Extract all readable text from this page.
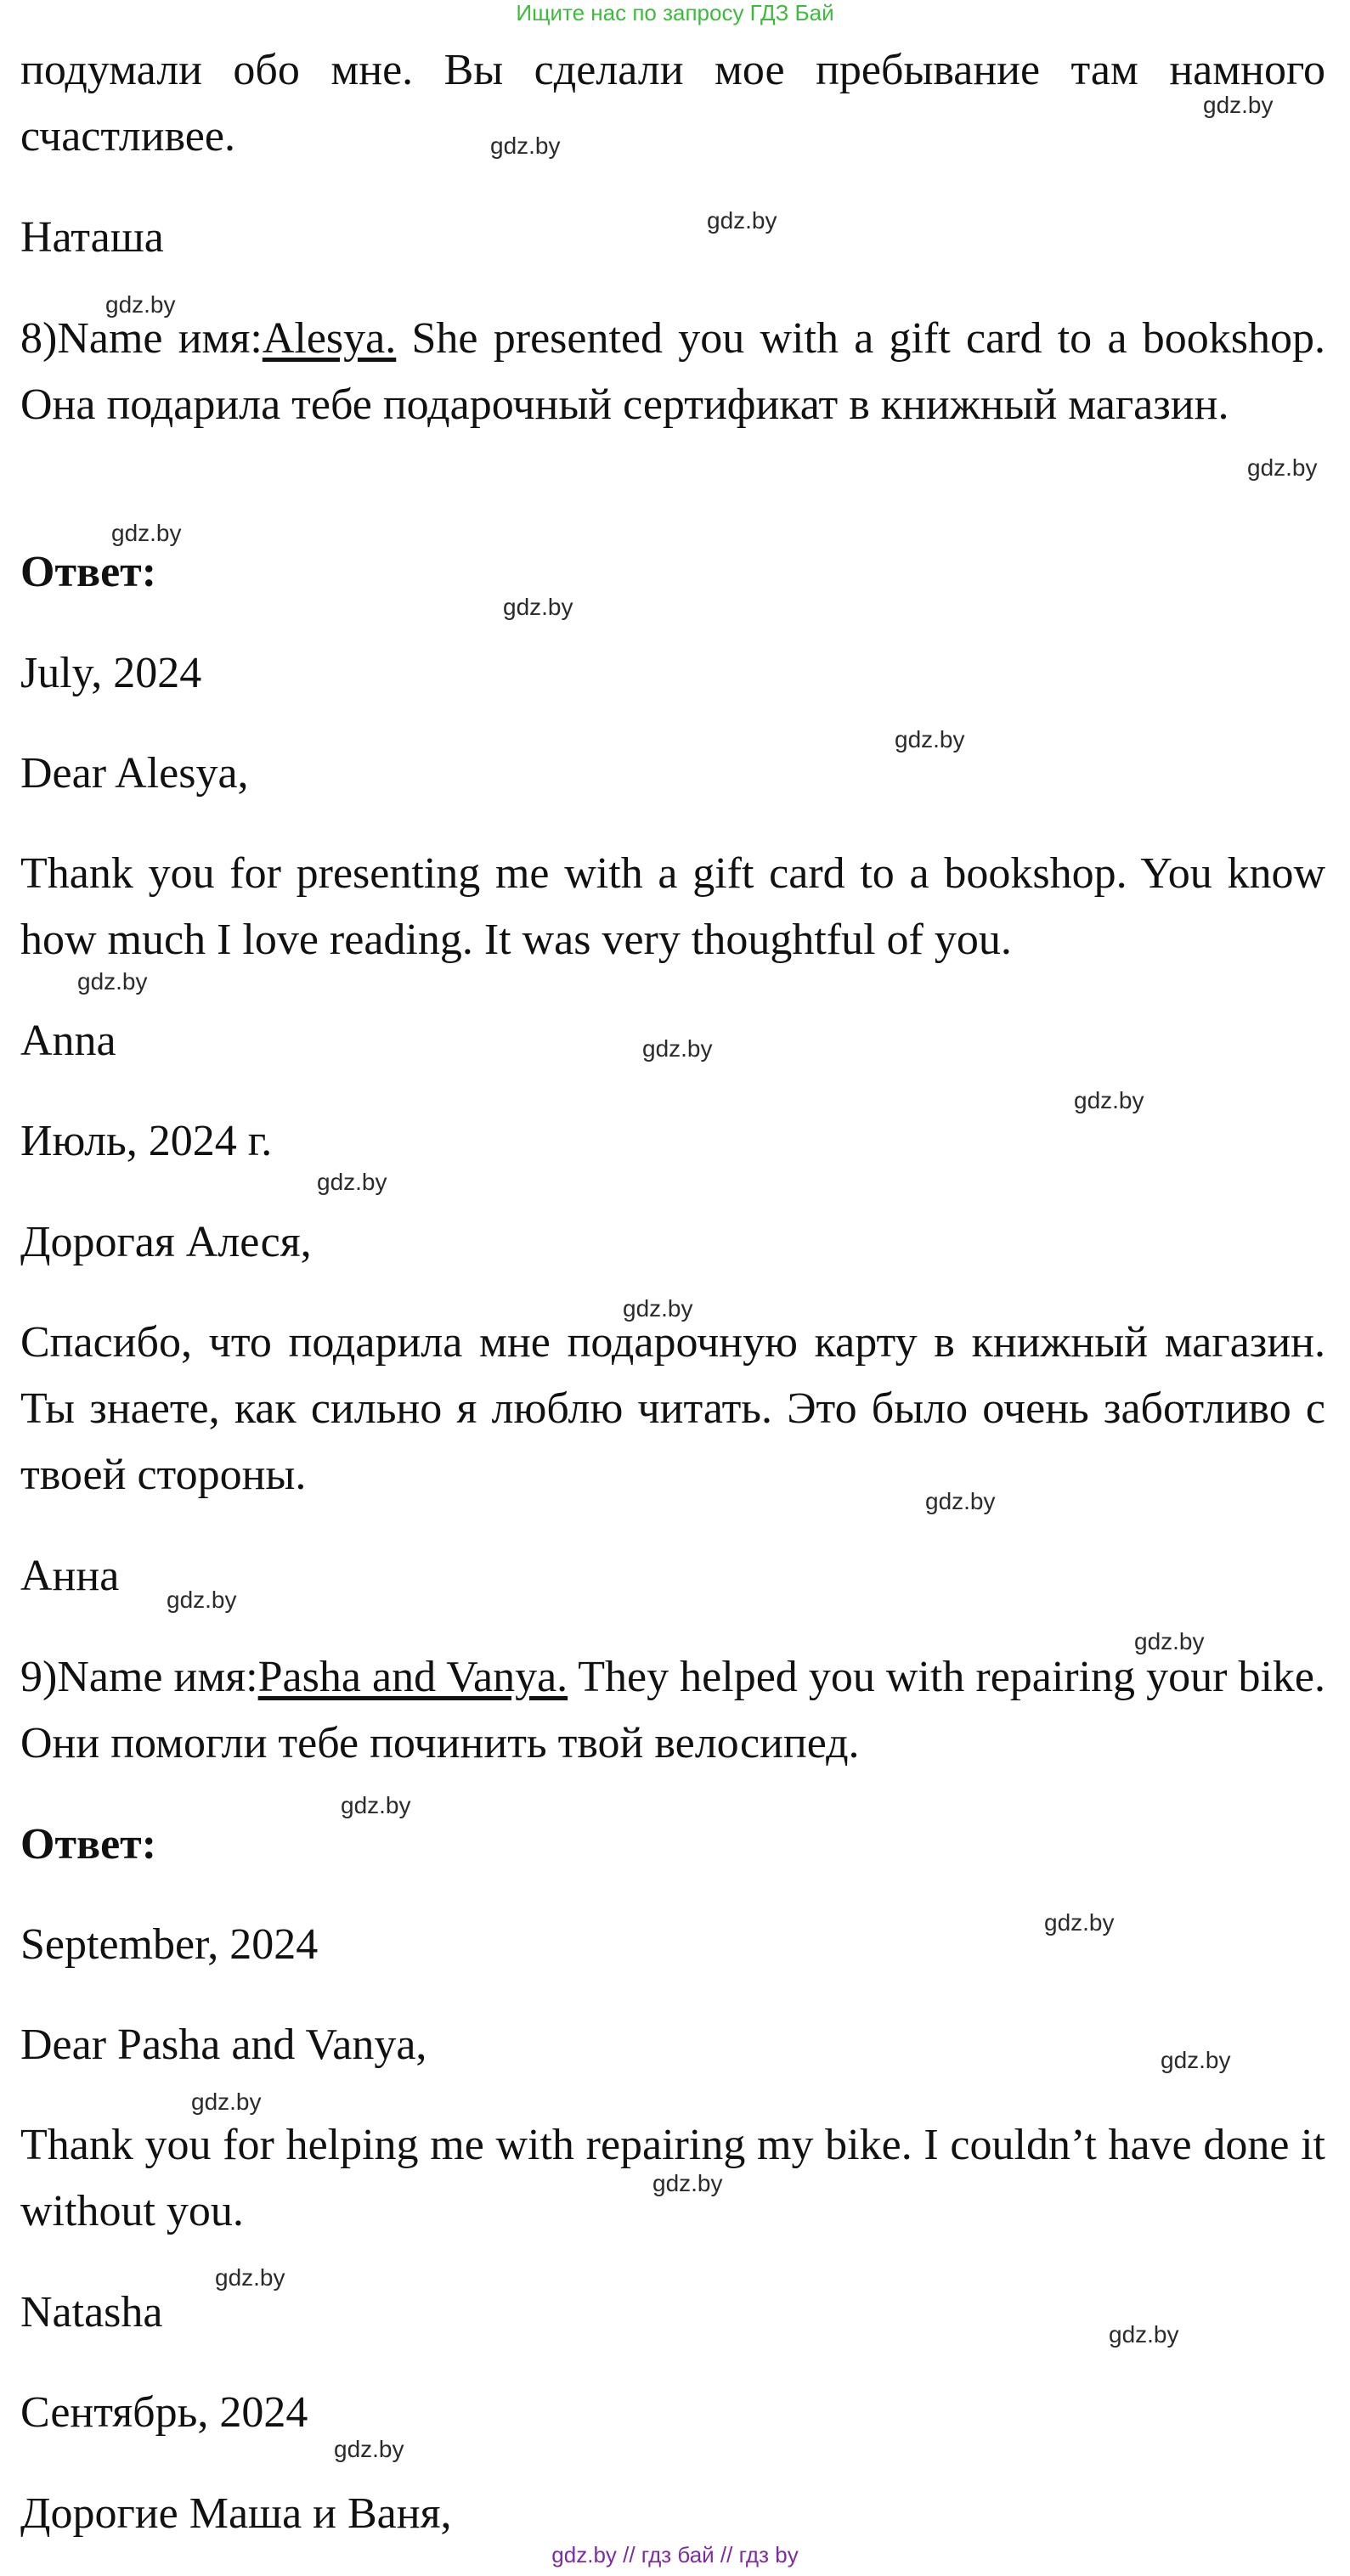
Ищите нас по запросу ГДЗ Бай

подумали обо мне. Вы сделали мое пребывание там намного счастливее.

Наташа

8)Name имя:Alesya. She presented you with a gift card to a bookshop. Она подарила тебе подарочный сертификат в книжный магазин.

Ответ:

July, 2024

Dear Alesya,

Thank you for presenting me with a gift card to a bookshop. You know how much I love reading. It was very thoughtful of you.

Anna

Июль, 2024 г.

Дорогая Алеся,

Спасибо, что подарила мне подарочную карту в книжный магазин. Ты знаете, как сильно я люблю читать. Это было очень заботливо с твоей стороны.

Анна

9)Name имя:Pasha and Vanya. They helped you with repairing your bike. Они помогли тебе починить твой велосипед.

Ответ:

September, 2024

Dear Pasha and Vanya,

Thank you for helping me with repairing my bike. I couldn’t have done it without you.

Natasha

Сентябрь, 2024

Дорогие Маша и Ваня,

gdz.by
gdz.by
gdz.by
gdz.by
gdz.by
gdz.by
gdz.by
gdz.by
gdz.by
gdz.by
gdz.by
gdz.by
gdz.by
gdz.by
gdz.by
gdz.by
gdz.by
gdz.by
gdz.by
gdz.by
gdz.by
gdz.by
gdz.by
gdz.by
gdz.by // гдз бай // гдз by
